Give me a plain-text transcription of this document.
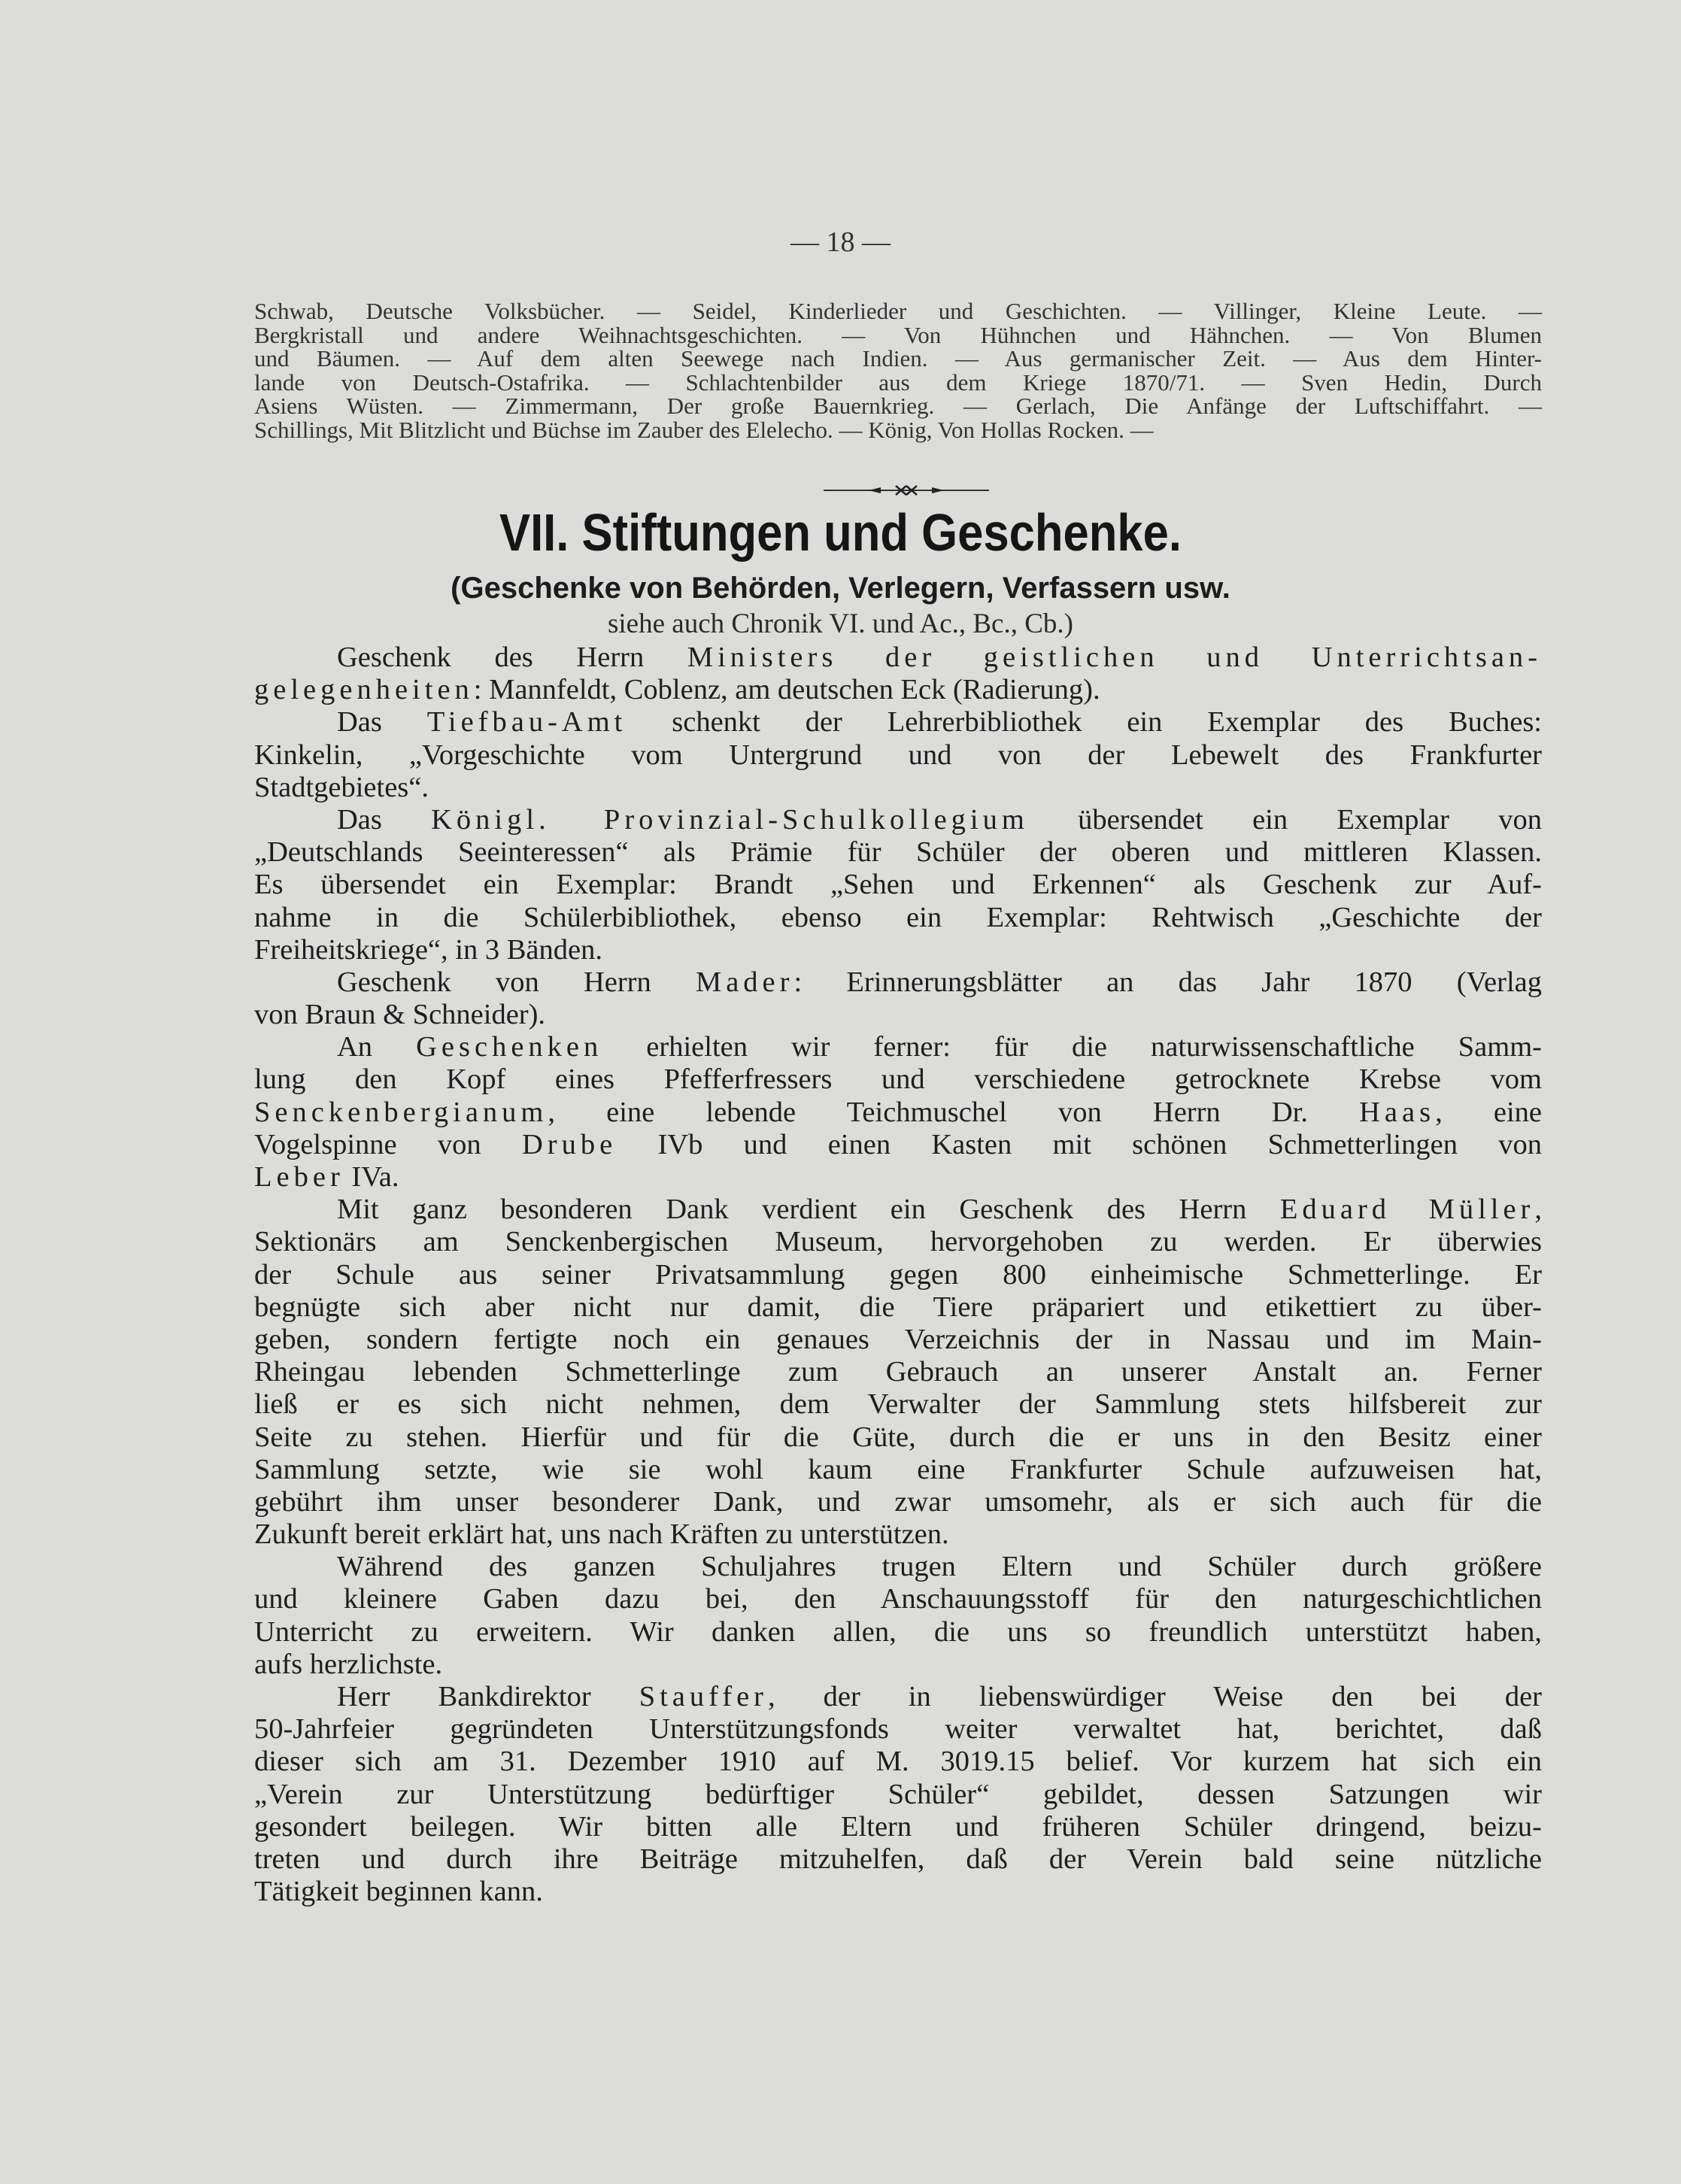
— 18 —
Schwab, Deutsche Volksbücher. — Seidel, Kinderlieder und Geschichten. — Villinger, Kleine Leute. —
Bergkristall und andere Weihnachtsgeschichten. — Von Hühnchen und Hähnchen. — Von Blumen
und Bäumen. — Auf dem alten Seewege nach Indien. — Aus germanischer Zeit. — Aus dem Hinter-
lande von Deutsch-Ostafrika. — Schlachtenbilder aus dem Kriege 1870/71. — Sven Hedin, Durch
Asiens Wüsten. — Zimmermann, Der große Bauernkrieg. — Gerlach, Die Anfänge der Luftschiffahrt. —
Schillings, Mit Blitzlicht und Büchse im Zauber des Elelecho. — König, Von Hollas Rocken. —
VII. Stiftungen und Geschenke.
(Geschenke von Behörden, Verlegern, Verfassern usw.
siehe auch Chronik VI. und Ac., Bc., Cb.)
Geschenk des Herrn Ministers der geistlichen und Unterrichtsan-
gelegenheiten: Mannfeldt, Coblenz, am deutschen Eck (Radierung).
Das Tiefbau-Amt schenkt der Lehrerbibliothek ein Exemplar des Buches:
Kinkelin, „Vorgeschichte vom Untergrund und von der Lebewelt des Frankfurter
Stadtgebietes“.
Das Königl. Provinzial-Schulkollegium übersendet ein Exemplar von
„Deutschlands Seeinteressen“ als Prämie für Schüler der oberen und mittleren Klassen.
Es übersendet ein Exemplar: Brandt „Sehen und Erkennen“ als Geschenk zur Auf-
nahme in die Schülerbibliothek, ebenso ein Exemplar: Rehtwisch „Geschichte der
Freiheitskriege“, in 3 Bänden.
Geschenk von Herrn Mader: Erinnerungsblätter an das Jahr 1870 (Verlag
von Braun & Schneider).
An Geschenken erhielten wir ferner: für die naturwissenschaftliche Samm-
lung den Kopf eines Pfefferfressers und verschiedene getrocknete Krebse vom
Senckenbergianum, eine lebende Teichmuschel von Herrn Dr. Haas, eine
Vogelspinne von Drube IVb und einen Kasten mit schönen Schmetterlingen von
Leber IVa.
Mit ganz besonderen Dank verdient ein Geschenk des Herrn Eduard Müller,
Sektionärs am Senckenbergischen Museum, hervorgehoben zu werden. Er überwies
der Schule aus seiner Privatsammlung gegen 800 einheimische Schmetterlinge. Er
begnügte sich aber nicht nur damit, die Tiere präpariert und etikettiert zu über-
geben, sondern fertigte noch ein genaues Verzeichnis der in Nassau und im Main-
Rheingau lebenden Schmetterlinge zum Gebrauch an unserer Anstalt an. Ferner
ließ er es sich nicht nehmen, dem Verwalter der Sammlung stets hilfsbereit zur
Seite zu stehen. Hierfür und für die Güte, durch die er uns in den Besitz einer
Sammlung setzte, wie sie wohl kaum eine Frankfurter Schule aufzuweisen hat,
gebührt ihm unser besonderer Dank, und zwar umsomehr, als er sich auch für die
Zukunft bereit erklärt hat, uns nach Kräften zu unterstützen.
Während des ganzen Schuljahres trugen Eltern und Schüler durch größere
und kleinere Gaben dazu bei, den Anschauungsstoff für den naturgeschichtlichen
Unterricht zu erweitern. Wir danken allen, die uns so freundlich unterstützt haben,
aufs herzlichste.
Herr Bankdirektor Stauffer, der in liebenswürdiger Weise den bei der
50-Jahrfeier gegründeten Unterstützungsfonds weiter verwaltet hat, berichtet, daß
dieser sich am 31. Dezember 1910 auf M. 3019.15 belief. Vor kurzem hat sich ein
„Verein zur Unterstützung bedürftiger Schüler“ gebildet, dessen Satzungen wir
gesondert beilegen. Wir bitten alle Eltern und früheren Schüler dringend, beizu-
treten und durch ihre Beiträge mitzuhelfen, daß der Verein bald seine nützliche
Tätigkeit beginnen kann.
